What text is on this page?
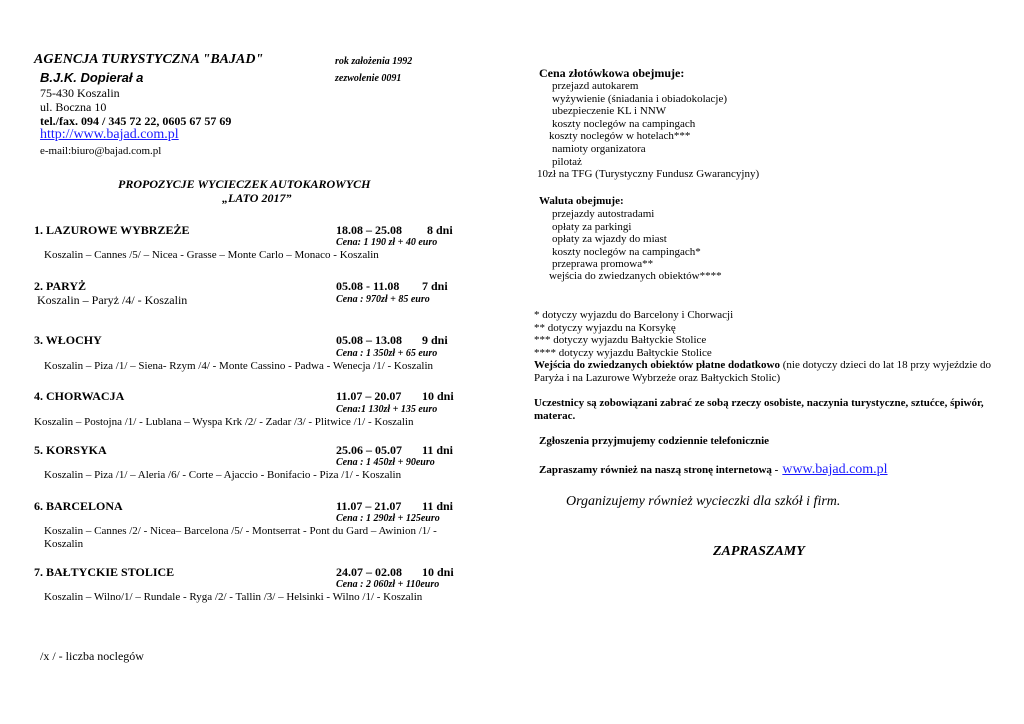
AGENCJA TURYSTYCZNA "BAJAD"	rok założenia 1992
B.J.K. Dopierał a	zezwolenie 0091
75-430 Koszalin
ul. Boczna 10
tel./fax. 094 / 345 72 22, 0605 67 57 69
http://www.bajad.com.pl
e-mail:biuro@bajad.com.pl
PROPOZYCJE WYCIECZEK AUTOKAROWYCH
„LATO 2017”
1. LAZUROWE WYBRZEŻE	18.08 – 25.08 8 dni
Cena: 1 190 zł + 40 euro
Koszalin – Cannes /5/ – Nicea - Grasse – Monte Carlo – Monaco - Koszalin
2. PARYŻ	05.08 - 11.08 7 dni
Cena : 970zł + 85 euro
Koszalin – Paryż /4/ - Koszalin
3. WŁOCHY	05.08 – 13.08 9 dni
Cena : 1 350zł + 65 euro
Koszalin – Piza /1/ – Siena- Rzym /4/ - Monte Cassino - Padwa - Wenecja /1/ - Koszalin
4. CHORWACJA	11.07 – 20.07 10 dni
Cena:1 130zł + 135 euro
Koszalin – Postojna /1/ - Lublana – Wyspa Krk /2/ - Zadar /3/ - Plitwice /1/ - Koszalin
5. KORSYKA	25.06 – 05.07 11 dni
Cena : 1 450zł + 90euro
Koszalin – Piza /1/ – Aleria /6/ - Corte – Ajaccio - Bonifacio - Piza /1/ - Koszalin
6. BARCELONA	11.07 – 21.07 11 dni
Cena : 1 290zł + 125euro
Koszalin – Cannes /2/ - Nicea– Barcelona /5/ - Montserrat - Pont du Gard – Awinion /1/ -
Koszalin
7. BAŁTYCKIE STOLICE	24.07 – 02.08 10 dni
Cena : 2 060zł + 110euro
Koszalin – Wilno/1/ – Rundale - Ryga /2/ - Tallin /3/ – Helsinki - Wilno /1/ - Koszalin
/x / - liczba noclegów
Cena złotówkowa obejmuje:
przejazd autokarem
wyżywienie (śniadania i obiadokolacje)
ubezpieczenie KL i NNW
koszty noclegów na campingach
koszty noclegów w hotelach***
namioty organizatora
pilotaż
10zł na TFG (Turystyczny Fundusz Gwarancyjny)
Waluta obejmuje:
przejazdy autostradami
opłaty za parkingi
opłaty za wjazdy do miast
koszty noclegów na campingach*
przeprawa promowa**
wejścia do zwiedzanych obiektów****
* dotyczy wyjazdu do Barcelony i Chorwacji
** dotyczy wyjazdu na Korsykę
*** dotyczy wyjazdu Bałtyckie Stolice
**** dotyczy wyjazdu Bałtyckie Stolice
Wejścia do zwiedzanych obiektów płatne dodatkowo (nie dotyczy dzieci do lat 18 przy wyjeździe do Paryża i na Lazurowe Wybrzeże oraz Bałtyckich Stolic)
Uczestnicy są zobowiązani zabrać ze sobą rzeczy osobiste, naczynia turystyczne, sztućce, śpiwór, materac.
Zgłoszenia przyjmujemy codziennie telefonicznie
Zapraszamy również na naszą stronę internetową - www.bajad.com.pl
Organizujemy również wycieczki dla szkół i firm.
ZAPRASZAMY
